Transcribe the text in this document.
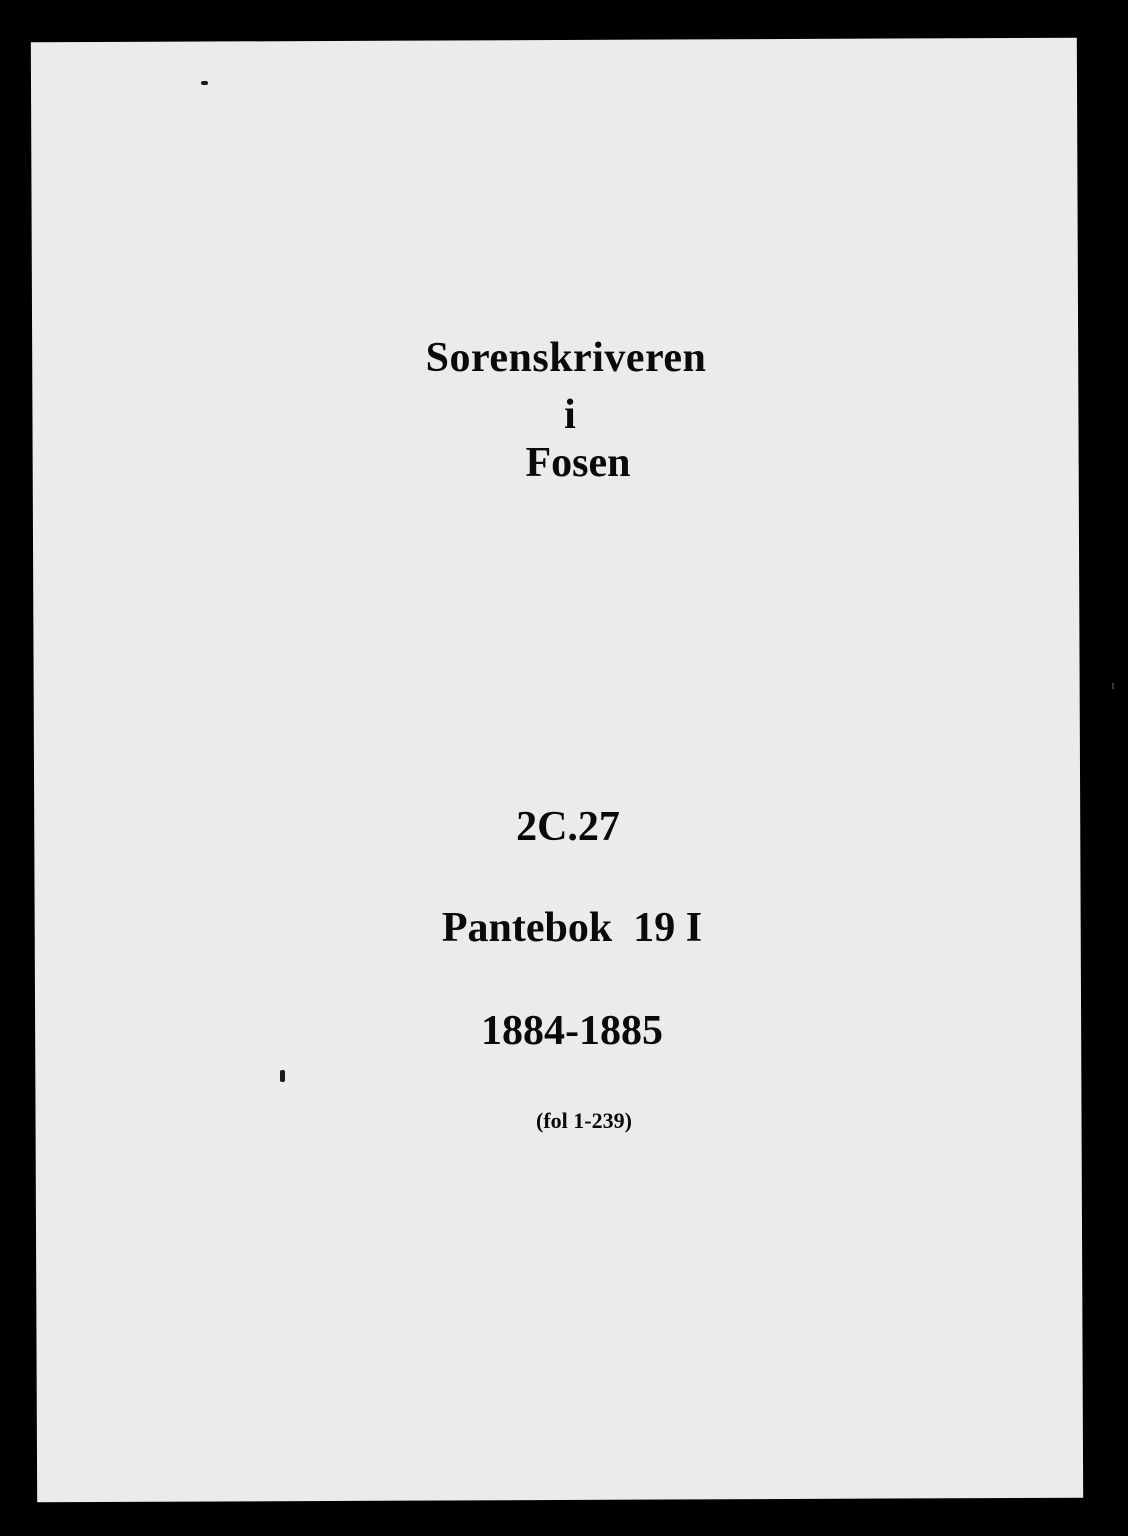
Sorenskriveren
i
Fosen
2C.27
Pantebok  19 I
1884-1885
(fol 1-239)
